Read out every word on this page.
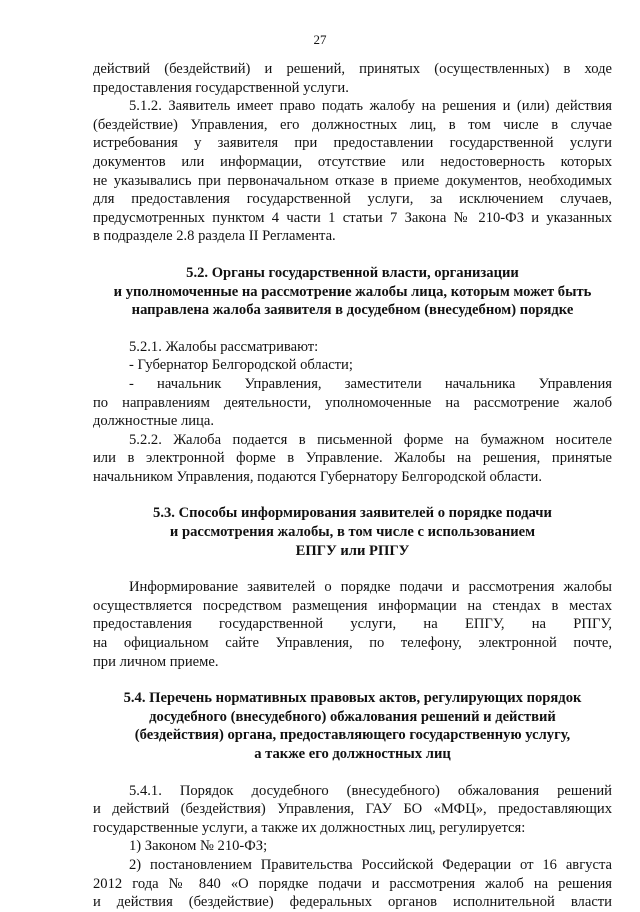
27

действий (бездействий) и решений, принятых (осуществленных) в ходе
предоставления государственной услуги.

5.1.2. Заявитель имеет право подать жалобу на решения и (или) действия
(бездействие) Управления, его должностных лиц, в том числе в случае
истребования у заявителя при предоставлении государственной услуги
документов или информации, отсутствие или недостоверность которых
не указывались при первоначальном отказе в приеме документов, необходимых
для предоставления государственной услуги, за исключением случаев,
предусмотренных пунктом 4 части 1 статьи 7 Закона № 210-ФЗ и указанных
в подразделе 2.8 раздела II Регламента.

5.2. Органы государственной власти, организации
и уполномоченные на рассмотрение жалобы лица, которым может быть
направлена жалоба заявителя в досудебном (внесудебном) порядке

5.2.1. Жалобы рассматривают:

- Губернатор Белгородской области;

- начальник Управления, заместители начальника Управления
по направлениям деятельности, уполномоченные на рассмотрение жалоб
должностные лица.

5.2.2. Жалоба подается в письменной форме на бумажном носителе
или в электронной форме в Управление. Жалобы на решения, принятые
начальником Управления, подаются Губернатору Белгородской области.

5.3. Способы информирования заявителей о порядке подачи
и рассмотрения жалобы, в том числе с использованием
ЕПГУ или РПГУ

Информирование заявителей о порядке подачи и рассмотрения жалобы
осуществляется посредством размещения информации на стендах в местах
предоставления государственной услуги, на ЕПГУ, на РПГУ,
на официальном сайте Управления, по телефону, электронной почте,
при личном приеме.

5.4. Перечень нормативных правовых актов, регулирующих порядок
досудебного (внесудебного) обжалования решений и действий
(бездействия) органа, предоставляющего государственную услугу,
а также его должностных лиц

5.4.1. Порядок досудебного (внесудебного) обжалования решений
и действий (бездействия) Управления, ГАУ БО «МФЦ», предоставляющих
государственные услуги, а также их должностных лиц, регулируется:

1) Законом № 210-ФЗ;

2) постановлением Правительства Российской Федерации от 16 августа
2012 года № 840 «О порядке подачи и рассмотрения жалоб на решения
и действия (бездействие) федеральных органов исполнительной власти
